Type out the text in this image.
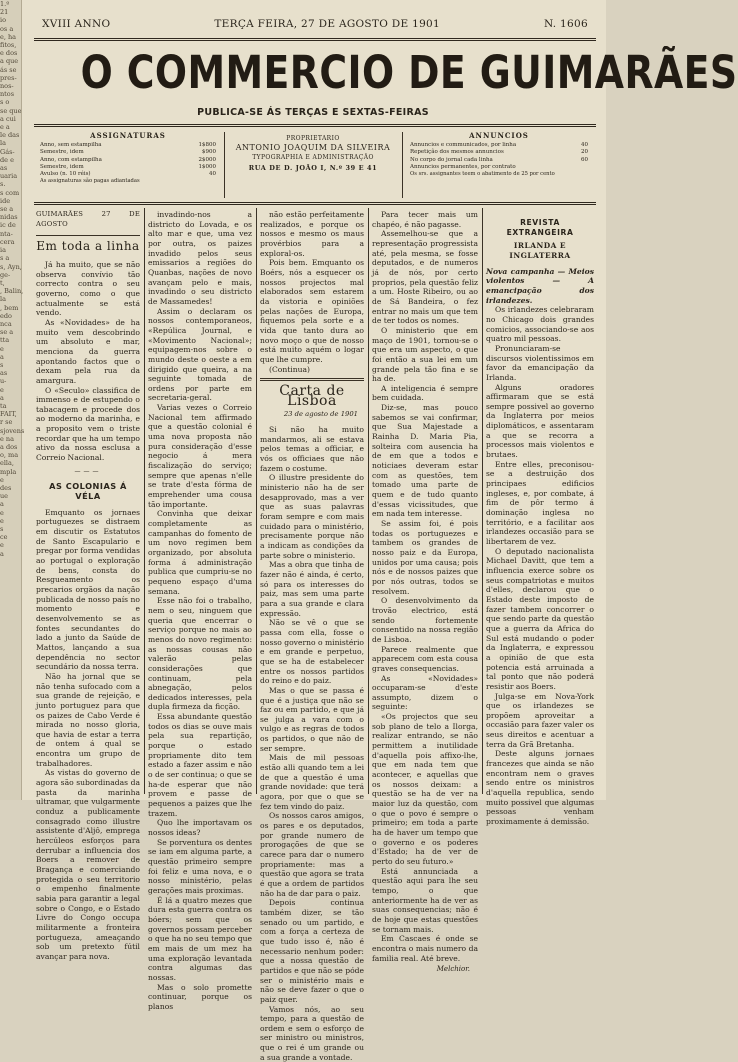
1.º
21
io
os a
e, ha
fitos,
e dos
a que
ás se
pres-
nos-
ntos
s o
se que
a cui
e a
le das
la
Gás-
de e
as
uaria
s.
s com
ide
se a
nidas
ic de
nta-
cera
ia
s a
s, Ayn,
ge-
t,
, Balin,
la
, bem
edo
nca
se a
tta
e
a
s
as
u-
e
a
ta
FAIT,
r se
sjovens
e na
a dos
o, ma
ella,
mpla
e
des
ue
a
e
e
s
ce
e
a
XVIII ANNO	TERÇA FEIRA, 27 DE AGOSTO DE 1901	N. 1606
O COMMERCIO DE GUIMARÃES
PUBLICA-SE ÁS TERÇAS E SEXTAS-FEIRAS
ASSIGNATURAS
Anno, sem estampilha	1$800
Semestre, idem	$900
Anno, com estampilha	2$000
Semestre, idem	1$000
Avulso (n. 10 réis)	40
As assignaturas são pagas adiantadas
PROPRIETARIO
ANTONIO JOAQUIM DA SILVEIRA
TYPOGRAPHIA E ADMINISTRAÇÃO
RUA DE D. JOÃO I, N.º 39 E 41
ANNUNCIOS
Annuncios e communicados, por linha	40
Repetição dos mesmos annuncios	20
No corpo do jornal cada linha	60
Annuncios permanentes, por contrato
Os srs. assignantes teem o abatimento de 25 por cento
GUIMARÃES 27 DE AGOSTO
Em toda a linha

Já ha muito, que se não observa convívio tão correcto contra o seu governo, como o que actualmente se está vendo.

As «Novidades» de ha muito vem descobrindo um absoluto e mar, menciona da guerra apontando factos que o dexam pela rua da amargura.

O «Seculo» classifica de immenso e de estupendo o tabacagem e procede dos ao moderno da marinha, e a proposito vem o triste recordar que ha um tempo ativo da nossa esclusa a Correio Nacional.

———
AS COLONIAS Á VÉLA

Emquanto os jornaes portuguezes se distraem em discutir os Estatutos de Santo Escapulario e pregar por forma vendidas ao portugal o exploração de bens, consta do Resgueamento os precarios orgãos da nação publicada de nosso país no momento e desenvolvemento se as fontes secundantes do lado a junto da Saúde de Mattos, lançando a sua dependência no sector secundário da nossa terra.

Não ha jornal que se não tenha sufocado com a sua grande de rejeição, e junto portuguez para que os paizes de Cabo Verde é mirada no nosso gloria, que havia de estar a terra de ontem á qual se encontra um grupo de trabalhadores.

As vistas do governo de agora são subordinadas da pasta da marinha ultramar, que vulgarmente conduz a publicamente consagrado como illustre assistente d'Aljô, emprega hercúleos esforços para derrubar a influencia dos Boers a remover de Bragança e comerciando protegida o seu territorio o empenho finalmente sabia para garantir a legal sobre o Congo, e o Estado Livre do Congo occupa militarmente a fronteira portugueza, ameaçando sob um pretexto fútil avançar para nova.

invadindo-nos a districto do Lovada, e os alto mar e que, uma vez por outra, os paizes invadido pelos seus emissarios a regiões do Quanbas, nações de novo avançam pelo e mais, invadindo o seu districto de Massamedes!

Assim o declaram os nossos contemporaneos, «Repúlica Journal, e «Movimento Nacional»; equipagem-nos sobre o mundo deste o oeste a em dirigido que queira, a na seguinte tomada de ordens por parte em secretaria-geral.

Varias vezes o Correio Nacional tem affirmado que a questão colonial é uma nova proposta não pura consideração d'esse negocio á mera fiscalização do serviço; sempre que apenas n'elle se trate d'esta fórma de emprehender uma cousa tão importante.

Convinha que deixar completamente as campanhas do fomento de um novo regimen bem organizado, por absoluta forma á administração publica que cumpriu-se no pequeno espaço d'uma semana.

Esse não foi o trabalho, nem o seu, ninguem que queria que encerrar o serviço porque no mais ao menos do novo regimento: as nossas cousas não valerão pelas considerações que continuam, pela abnegação, pelos dedicados interesses, pela dupla firmeza da ficção.

Essa abundante questão todos os dias se ouve mais pela sua repartição, porque o estado propriamente dito tem estado a fazer assim e não o de ser continua; o que se ha-de esperar que não provem e passe de pequenos a paizes que lhe trazem.

Quo lhe importavam os nossos ideas?

Se porventura os dentes se iam em alguma parte, a questão primeiro sempre foi feliz e uma nova, e o nosso ministério, pelas gerações mais proximas.

É lá a quatro mezes que dura esta guerra contra os bóers; sem que os governos possam perceber o que ha no seu tempo que em mais de um mez ha uma exploração levantada contra algumas das nossas.

Mas o solo promette continuar, porque os planos

não estão perfeitamente realizados, e porque os nossos e mesmo os maus provérbios para a exploral-os.

Pois bem. Emquanto os Boérs, nós a esquecer os nossos projectos mal elaborados sem estarem da vistoria e opiniões pelas nações de Europa, fiquemos pela sorte e a vida que tanto dura ao novo moço o que de nosso está muito aquém o logar que lhe cumpre.

(Continua)

Carta de Lisboa
23 de agosto de 1901

Si não ha muito mandarmos, ali se estava pelos temas a officiar, e vós os officiaes que não fazem o costume.

O illustre presidente do ministerio não ha de ser desapprovado, mas a ver que as suas palavras foram sempre e com mais cuidado para o ministério, precisamente porque não a indicam as condições da parte sobre o ministerio.

Mas a obra que tinha de fazer não é ainda, é certo, só para os interesses do paiz, mas sem uma parte para a sua grande e clara expressão.

Não se vê o que se passa com ella, fosse o nosso governo o ministério e em grande e perpetuo, que se ha de estabelecer entre os nossos partidos do reino e do paiz.

Mas o que se passa é que é a justiça que não se faz ou em partido, e que já se julga a vara com o vulgo e as regras de todos os partidos, o que não de ser sempre.

Mais de mil pessoas estão alli quando tem a lei de que a questão é uma grande novidade: que terá agora, por que o que se fez tem vindo do paiz.

Os nossos caros amigos, os pares e os deputados, por grande numero de prorogações de que se carece para dar o numero propriamente: mas a questão que agora se trata é que a ordem de partidos não ha de dar para o paiz.

Depois continua também dizer, se tão senado ou um partido, e com a força a certeza de que tudo isso é, não é necessario nenhum poder: que a nossa questão de partidos e que não se póde ser o ministério mais e não se deve fazer o que o paiz quer.

Vamos nós, ao seu tempo, para a questão de ordem e sem o esforço de ser ministro ou ministros, que o rei é um grande ou a sua grande a vontade.

Para tecer mais um chapéo, é não pagasse.

Assemelhou-se que a representação progressista até, pela mesma, se fosse deputados, e de numeros já de nós, por certo proprios, pela questão feliz a um. Hoste Ribeiro, ou ao de Sá Bandeira, o fez entrar no mais um que tem de ter todos os nomes.

O ministerio que em maço de 1901, tornou-se o que era um aspecto, o que foi então a sua lei em um grande pela tão fina e se ha de.

A inteligencia é sempre bem cuidada.

Diz-se, mas pouco sabemos se vai confirmar, que Sua Majestade a Rainha D. Maria Pia, solteira com ausencia ha de em que a todos e noticiaes deveram estar com as questões, tem tomado uma parte de quem e de tudo quanto d'essas vicissitudes, que em nada tem interesse.

Se assim foi, é pois todas os portuguezes e tambem os grandes de nosso paiz e da Europa, unidos por uma causa; pois nós e de nossos paizes que por nós outras, todos se resolvem.

O desenvolvimento da trovão electrico, está sendo fortemente consentido na nossa região de Lisboa.

Parece realmente que apparecem com esta cousa graves consequencias.

As «Novidades» occuparam-se d'este assumpto, dizem o seguinte:

«Os projectos que seu sob plano de telo a Ilorga, realizar entrando, se não permittem a inutilidade d'aquella pois affixo-lhe, que em nada tem que acontecer, e aquellas que os nossos deixam: a questão se ha de ver na maior luz da questão, com o que o povo é sempre o primeiro; em toda a parte ha de haver um tempo que o governo e os poderes d'Estado; ha de ver de perto do seu futuro.»

Está annunciada a questão aqui para lhe seu tempo, o que anteriormente ha de ver as suas consequencias; não é de hoje que estas questões se tornam mais.

Em Cascaes é onde se encontra o mais numero da familia real. Até breve.

Melchior.
REVISTA EXTRANGEIRA
IRLANDA E INGLATERRA

Nova campanha — Meios violentos — A emancipação dos irlandezes.

Os irlandezes celebraram no Chicago dois grandes comicios, associando-se aos quatro mil pessoas.

Pronunciaram-se discursos violentissimos em favor da emancipação da Irlanda.

Alguns oradores affirmaram que se está sempre possivel ao governo da Inglaterra por meios diplomáticos, e assentaram a que se recorra a processos mais violentos e brutaes.

Entre elles, preconisou-se a destruição dos principaes edificios ingleses, e, por combate, á fim de pôr termo á dominação inglesa no território, e a facilitar aos irlandezes occasião para se libertarem de vez.

O deputado nacionalista Michael Davitt, que tem a influencia exerce sobre os seus compatriotas e muitos d'elles, declarou que o Estado deste imposto de fazer tambem concorrer o que sendo parte da questão que a guerra da Africa do Sul está mudando o poder da Inglaterra, e expressou a opinião de que esta potencia está arruinada a tal ponto que não poderá resistir aos Boers.

Julga-se em Nova-York que os irlandezes se propõem aproveitar a occasião para fazer valer os seus direitos e acentuar a terra da Grã Bretanha.

Deste alguns jornaes francezes que ainda se não encontram nem o graves sendo entre os ministros d'aquella republica, sendo muito possivel que algumas pessoas venham proximamente á demissão.
